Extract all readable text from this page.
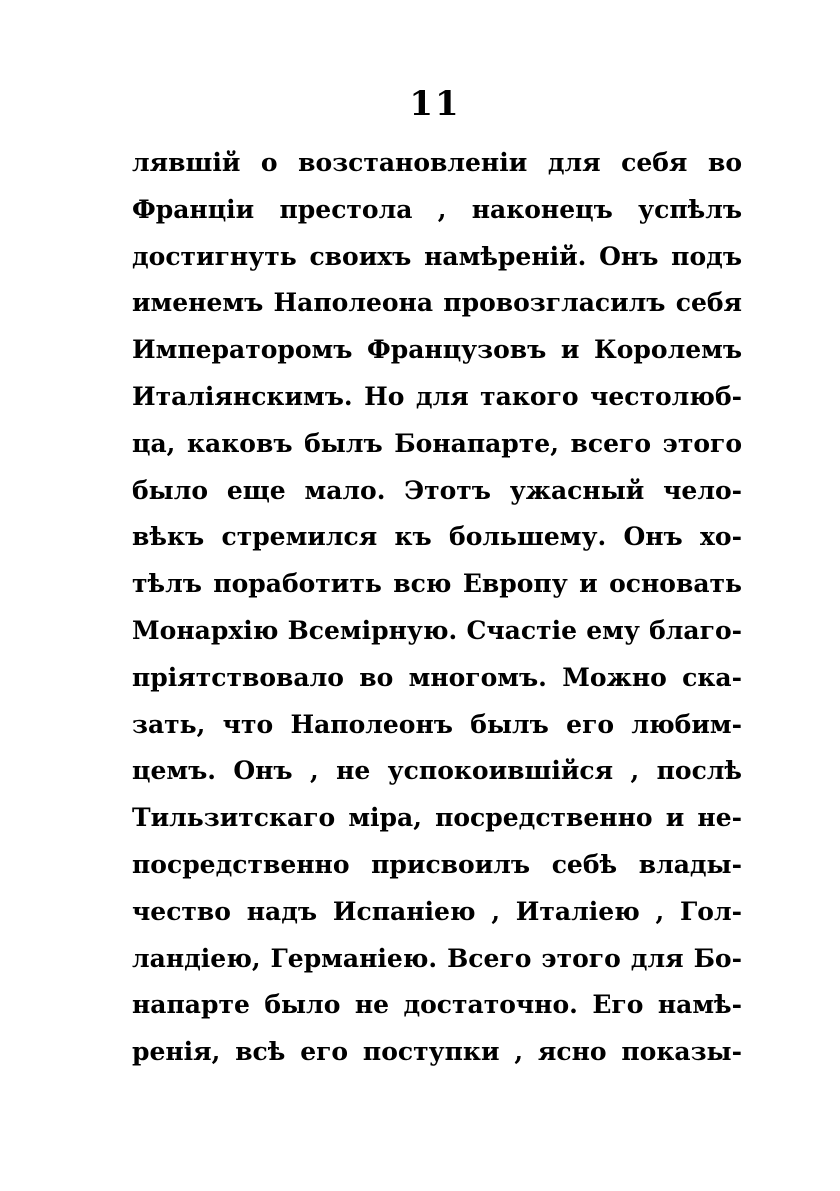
11
лявшій о возстановленіи для себя во
Франціи престола , наконецъ успѣлъ
достигнуть своихъ намѣреній. Онъ подъ
именемъ Наполеона провозгласилъ себя
Императоромъ Французовъ и Королемъ
Италіянскимъ. Но для такого честолюб-
ца, каковъ былъ Бонапарте, всего этого
было еще мало. Этотъ ужасный чело-
вѣкъ стремился къ большему. Онъ хо-
тѣлъ поработить всю Европу и основать
Монархію Всемірную. Счастіе ему благо-
пріятствовало во многомъ. Можно ска-
зать, что Наполеонъ былъ его любим-
цемъ. Онъ , не успокоившійся , послѣ
Тильзитскаго міра, посредственно и не-
посредственно присвоилъ себѣ влады-
чество надъ Испаніею , Италіею , Гол-
ландіею, Германіею. Всего этого для Бо-
напарте было не достаточно. Его намѣ-
ренія, всѣ его поступки , ясно показы-
